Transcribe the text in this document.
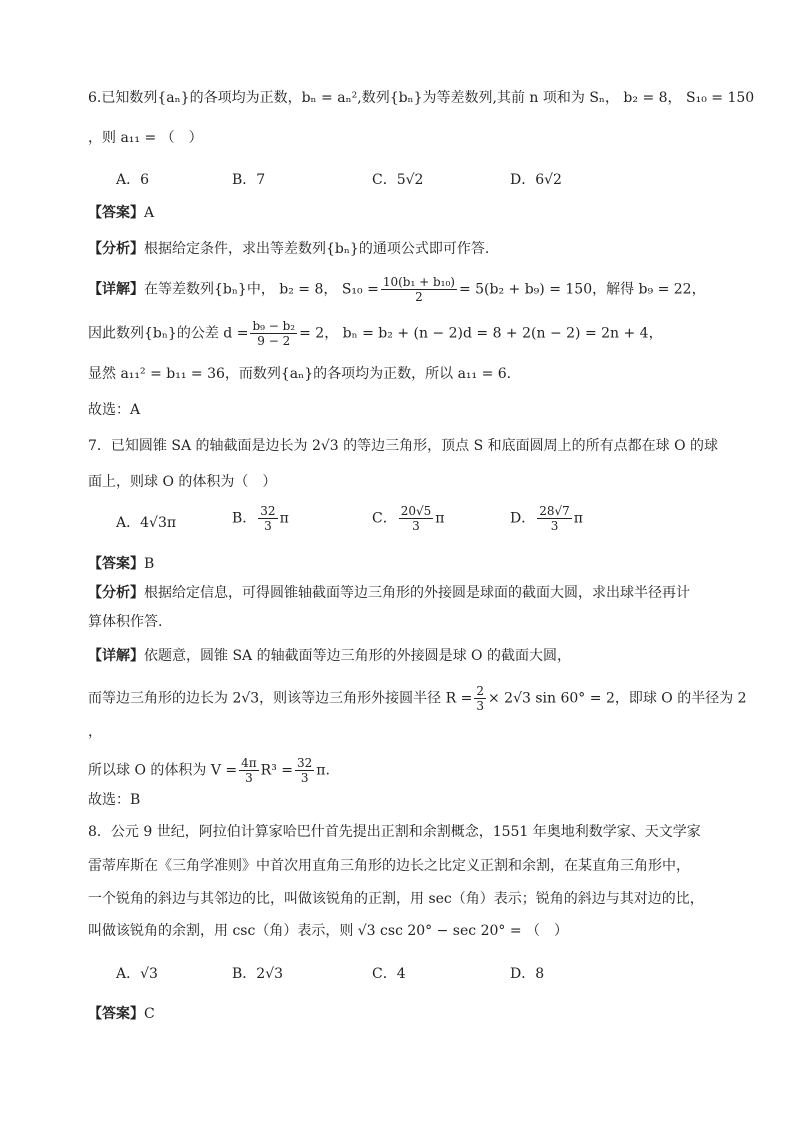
6.已知数列{aₙ}的各项均为正数，bₙ = aₙ²,数列{bₙ}为等差数列,其前 n 项和为 Sₙ， b₂ = 8， S₁₀ = 150
，则 a₁₁ = （　）
A．6	B．7	C．5√2	D．6√2
【答案】A
【分析】根据给定条件，求出等差数列{bₙ}的通项公式即可作答.
【详解】在等差数列{bₙ}中， b₂ = 8， $S_{10} = \frac{\text{10(b₁ + b₁₀)}}{2} = 5(b_2 + b_9) = 150$，解得 b₉ = 22，
因此数列{bₙ}的公差 $d = \frac{\text{b₉ − b₂}}{9 - 2} = 2$， bₙ = b₂ + (n − 2)d = 8 + 2(n − 2) = 2n + 4，
显然 a₁₁² = b₁₁ = 36，而数列{aₙ}的各项均为正数，所以 a₁₁ = 6.
故选：A
7．已知圆锥 SA 的轴截面是边长为 2√3 的等边三角形，顶点 S 和底面圆周上的所有点都在球 O 的球
面上，则球 O 的体积为（　）
A．4√3π	B． $\frac{32}{3}$ π	C． $\frac{20√5}{3}$ π	D． $\frac{28√7}{3}$ π
【答案】B
【分析】根据给定信息，可得圆锥轴截面等边三角形的外接圆是球面的截面大圆，求出球半径再计
算体积作答.
【详解】依题意，圆锥 SA 的轴截面等边三角形的外接圆是球 O 的截面大圆，
而等边三角形的边长为 2√3，则该等边三角形外接圆半径 $R = \frac{2}{3} \times 2√3$ sin 60° = 2，即球 O 的半径为 2
，
所以球 O 的体积为 $V = \frac{4\pi}{3} R^3 = \frac{32}{3} \pi$.
故选：B
8．公元 9 世纪，阿拉伯计算家哈巴什首先提出正割和余割概念，1551 年奥地利数学家、天文学家
雷蒂库斯在《三角学准则》中首次用直角三角形的边长之比定义正割和余割，在某直角三角形中，
一个锐角的斜边与其邻边的比，叫做该锐角的正割，用 sec（角）表示；锐角的斜边与其对边的比，
叫做该锐角的余割，用 csc（角）表示，则 √3 csc 20° − sec 20° = （　）
A．√3	B．2√3	C．4	D．8
【答案】C
